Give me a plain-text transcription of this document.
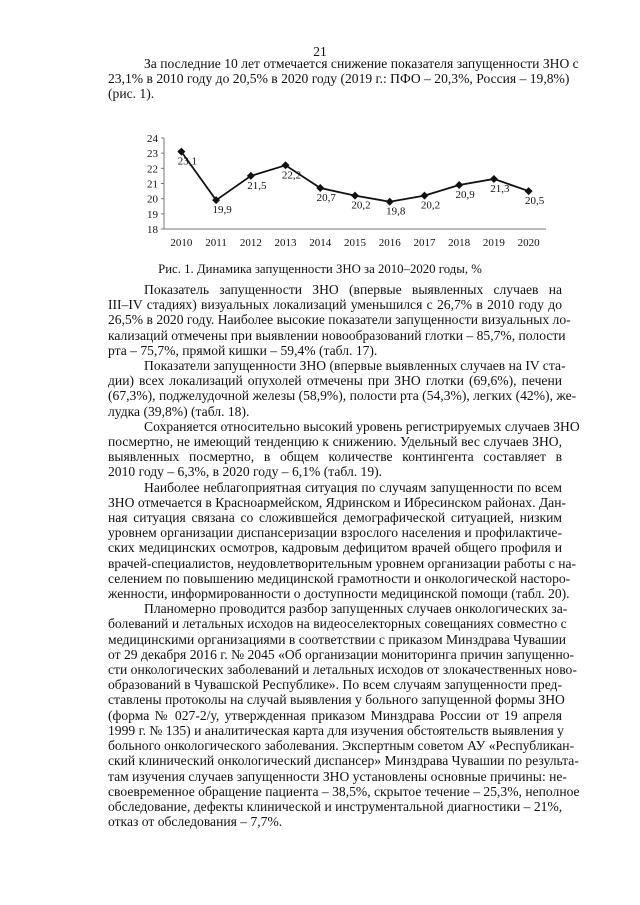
21
За последние 10 лет отмечается снижение показателя запущенности ЗНО с
23,1% в 2010 году до 20,5% в 2020 году (2019 г.: ПФО – 20,3%, Россия – 19,8%)
(рис. 1).
18
19
20
21
22
23
24
2010 2011 2012 2013 2014 2015 2016 2017 2018 2019 2020
23,1
19,9
21,5
22,2
20,7
20,2
19,8
20,2
20,9
21,3
20,5
Рис. 1. Динамика запущенности ЗНО за 2010–2020 годы, %
Показатель запущенности ЗНО (впервые выявленных случаев на
III–IV стадиях) визуальных локализаций уменьшился с 26,7% в 2010 году до
26,5% в 2020 году. Наиболее высокие показатели запущенности визуальных ло-
кализаций отмечены при выявлении новообразований глотки – 85,7%, полости
рта – 75,7%, прямой кишки – 59,4% (табл. 17).
Показатели запущенности ЗНО (впервые выявленных случаев на IV ста-
дии) всех локализаций опухолей отмечены при ЗНО глотки (69,6%), печени
(67,3%), поджелудочной железы (58,9%), полости рта (54,3%), легких (42%), же-
лудка (39,8%) (табл. 18).
Сохраняется относительно высокий уровень регистрируемых случаев ЗНО
посмертно, не имеющий тенденцию к снижению. Удельный вес случаев ЗНО,
выявленных посмертно, в общем количестве контингента составляет в
2010 году – 6,3%, в 2020 году – 6,1% (табл. 19).
Наиболее неблагоприятная ситуация по случаям запущенности по всем
ЗНО отмечается в Красноармейском, Ядринском и Ибресинском районах. Дан-
ная ситуация связана со сложившейся демографической ситуацией, низким
уровнем организации диспансеризации взрослого населения и профилактиче-
ских медицинских осмотров, кадровым дефицитом врачей общего профиля и
врачей-специалистов, неудовлетворительным уровнем организации работы с на-
селением по повышению медицинской грамотности и онкологической насторо-
женности, информированности о доступности медицинской помощи (табл. 20).
Планомерно проводится разбор запущенных случаев онкологических за-
болеваний и летальных исходов на видеоселекторных совещаниях совместно с
медицинскими организациями в соответствии с приказом Минздрава Чувашии
от 29 декабря 2016 г. № 2045 «Об организации мониторинга причин запущенно-
сти онкологических заболеваний и летальных исходов от злокачественных ново-
образований в Чувашской Республике». По всем случаям запущенности пред-
ставлены протоколы на случай выявления у больного запущенной формы ЗНО
(форма № 027-2/у, утвержденная приказом Минздрава России от 19 апреля
1999 г. № 135) и аналитическая карта для изучения обстоятельств выявления у
больного онкологического заболевания. Экспертным советом АУ «Республикан-
ский клинический онкологический диспансер» Минздрава Чувашии по результа-
там изучения случаев запущенности ЗНО установлены основные причины: не-
своевременное обращение пациента – 38,5%, скрытое течение – 25,3%, неполное
обследование, дефекты клинической и инструментальной диагностики – 21%,
отказ от обследования – 7,7%.
